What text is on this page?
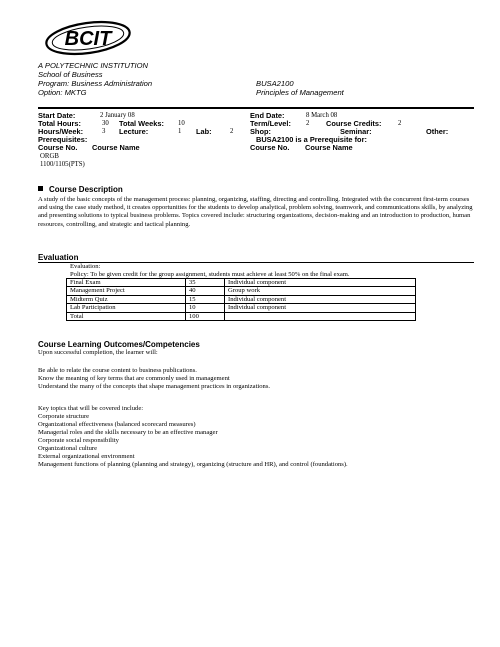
BCIT
A POLYTECHNIC INSTITUTION
School of Business
Program: Business Administration
Option: MKTG
BUSA2100
Principles of Management
Start Date:	2 January 08
Total Hours:	30 Total Weeks: 10
Hours/Week:	3 Lecture:	1 Lab:	2
Prerequisites:
Course No. Course Name
ORGB
1100/1105(PTS)
End Date:	8 March 08
Term/Level: 2 Course Credits: 2
Shop:	Seminar:	Other:
BUSA2100 is a Prerequisite for:
Course No. Course Name
Course Description
A study of the basic concepts of the management process: planning, organizing, staffing, directing and controlling. Integrated with the concurrent first-term courses and using the case study method, it creates opportunities for the students to develop analytical, problem solving, teamwork, and communications skills, by analyzing and presenting solutions to typical business problems. Topics covered include: structuring organizations, decision-making and an introduction to production, human resources, controlling, and strategic and tactical planning.
Evaluation
Evaluation:
Policy: To be given credit for the group assignment, students must achieve at least 50% on the final exam.
Final Exam	35	Individual component
Management Project	40	Group work
Midterm Quiz	15	Individual component
Lab Participation	10	Individual component
Total	100	
Course Learning Outcomes/Competencies
Upon successful completion, the learner will:
Be able to relate the course content to business publications.
Know the meaning of key terms that are commonly used in management
Understand the many of the concepts that shape management practices in organizations.
Key topics that will be covered include:
Corporate structure
Organizational effectiveness (balanced scorecard measures)
Managerial roles and the skills necessary to be an effective manager
Corporate social responsibility
Organizational culture
External organizational environment
Management functions of planning (planning and strategy), organizing (structure and HR), and control (foundations).
